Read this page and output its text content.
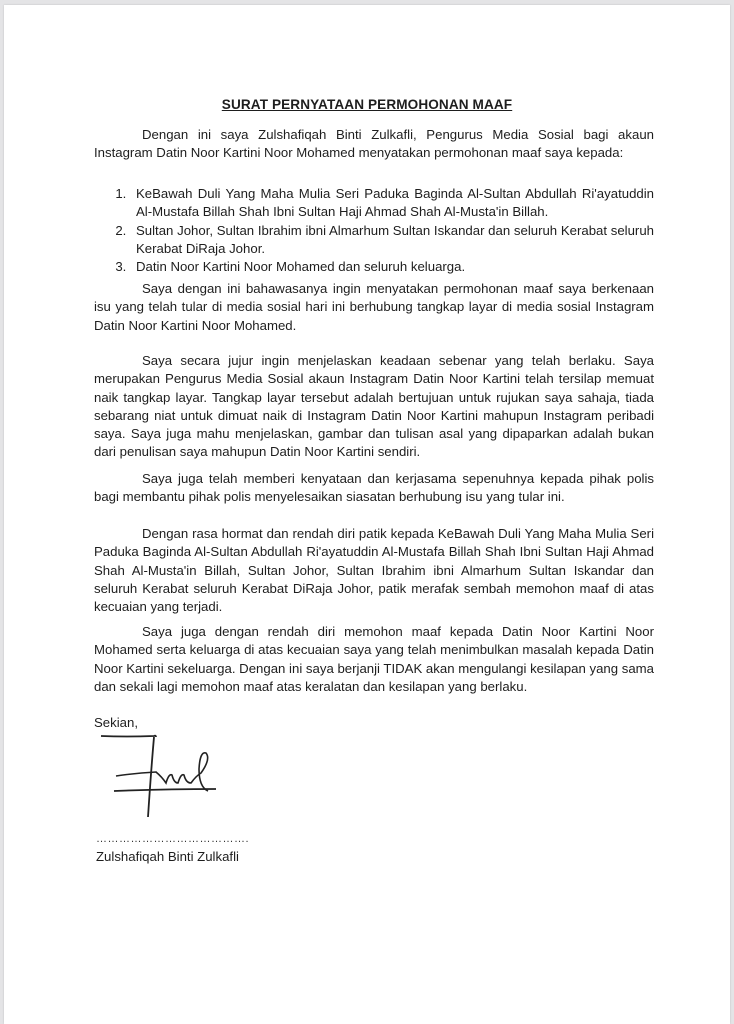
SURAT PERNYATAAN PERMOHONAN MAAF

Dengan ini saya Zulshafiqah Binti Zulkafli, Pengurus Media Sosial bagi akaun Instagram Datin Noor Kartini Noor Mohamed menyatakan permohonan maaf saya kepada:

1. KeBawah Duli Yang Maha Mulia Seri Paduka Baginda Al-Sultan Abdullah Ri'ayatuddin Al-Mustafa Billah Shah Ibni Sultan Haji Ahmad Shah Al-Musta'in Billah.
2. Sultan Johor, Sultan Ibrahim ibni Almarhum Sultan Iskandar dan seluruh Kerabat seluruh Kerabat DiRaja Johor.
3. Datin Noor Kartini Noor Mohamed dan seluruh keluarga.

Saya dengan ini bahawasanya ingin menyatakan permohonan maaf saya berkenaan isu yang telah tular di media sosial hari ini berhubung tangkap layar di media sosial Instagram Datin Noor Kartini Noor Mohamed.

Saya secara jujur ingin menjelaskan keadaan sebenar yang telah berlaku. Saya merupakan Pengurus Media Sosial akaun Instagram Datin Noor Kartini telah tersilap memuat naik tangkap layar. Tangkap layar tersebut adalah bertujuan untuk rujukan saya sahaja, tiada sebarang niat untuk dimuat naik di Instagram Datin Noor Kartini mahupun Instagram peribadi saya. Saya juga mahu menjelaskan, gambar dan tulisan asal yang dipaparkan adalah bukan dari penulisan saya mahupun Datin Noor Kartini sendiri.

Saya juga telah memberi kenyataan dan kerjasama sepenuhnya kepada pihak polis bagi membantu pihak polis menyelesaikan siasatan berhubung isu yang tular ini.

Dengan rasa hormat dan rendah diri patik kepada KeBawah Duli Yang Maha Mulia Seri Paduka Baginda Al-Sultan Abdullah Ri'ayatuddin Al-Mustafa Billah Shah Ibni Sultan Haji Ahmad Shah Al-Musta'in Billah, Sultan Johor, Sultan Ibrahim ibni Almarhum Sultan Iskandar dan seluruh Kerabat seluruh Kerabat DiRaja Johor, patik merafak sembah memohon maaf di atas kecuaian yang terjadi.

Saya juga dengan rendah diri memohon maaf kepada Datin Noor Kartini Noor Mohamed serta keluarga di atas kecuaian saya yang telah menimbulkan masalah kepada Datin Noor Kartini sekeluarga. Dengan ini saya berjanji TIDAK akan mengulangi kesilapan yang sama dan sekali lagi memohon maaf atas keralatan dan kesilapan yang berlaku.

Sekian,
………………………………….
Zulshafiqah Binti Zulkafli
